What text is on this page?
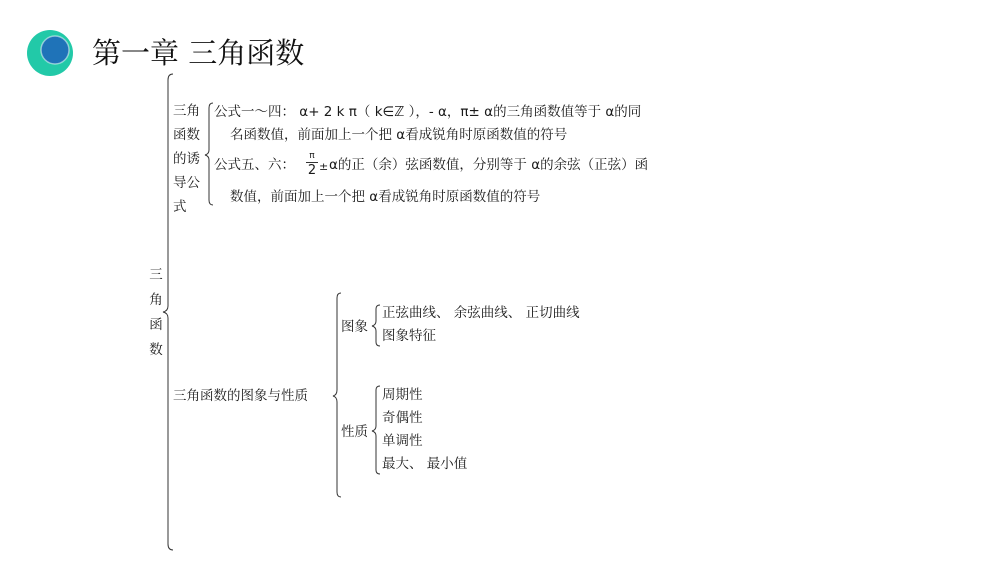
第一章 三角函数
三角函数
三角函数的诱导公式
公式一～四： α+ 2 k π（ k∈ℤ ），- α，π± α的三角函数值等于 α的同
名函数值，前面加上一个把 α看成锐角时原函数值的符号
公式五、六：
π
2 ± α的正（余）弦函数值，分别等于 α的余弦（正弦）函
数值，前面加上一个把 α看成锐角时原函数值的符号
三角函数的图象与性质
图象
正弦曲线、 余弦曲线、 正切曲线
图象特征
性质
周期性
奇偶性
单调性
最大、 最小值
